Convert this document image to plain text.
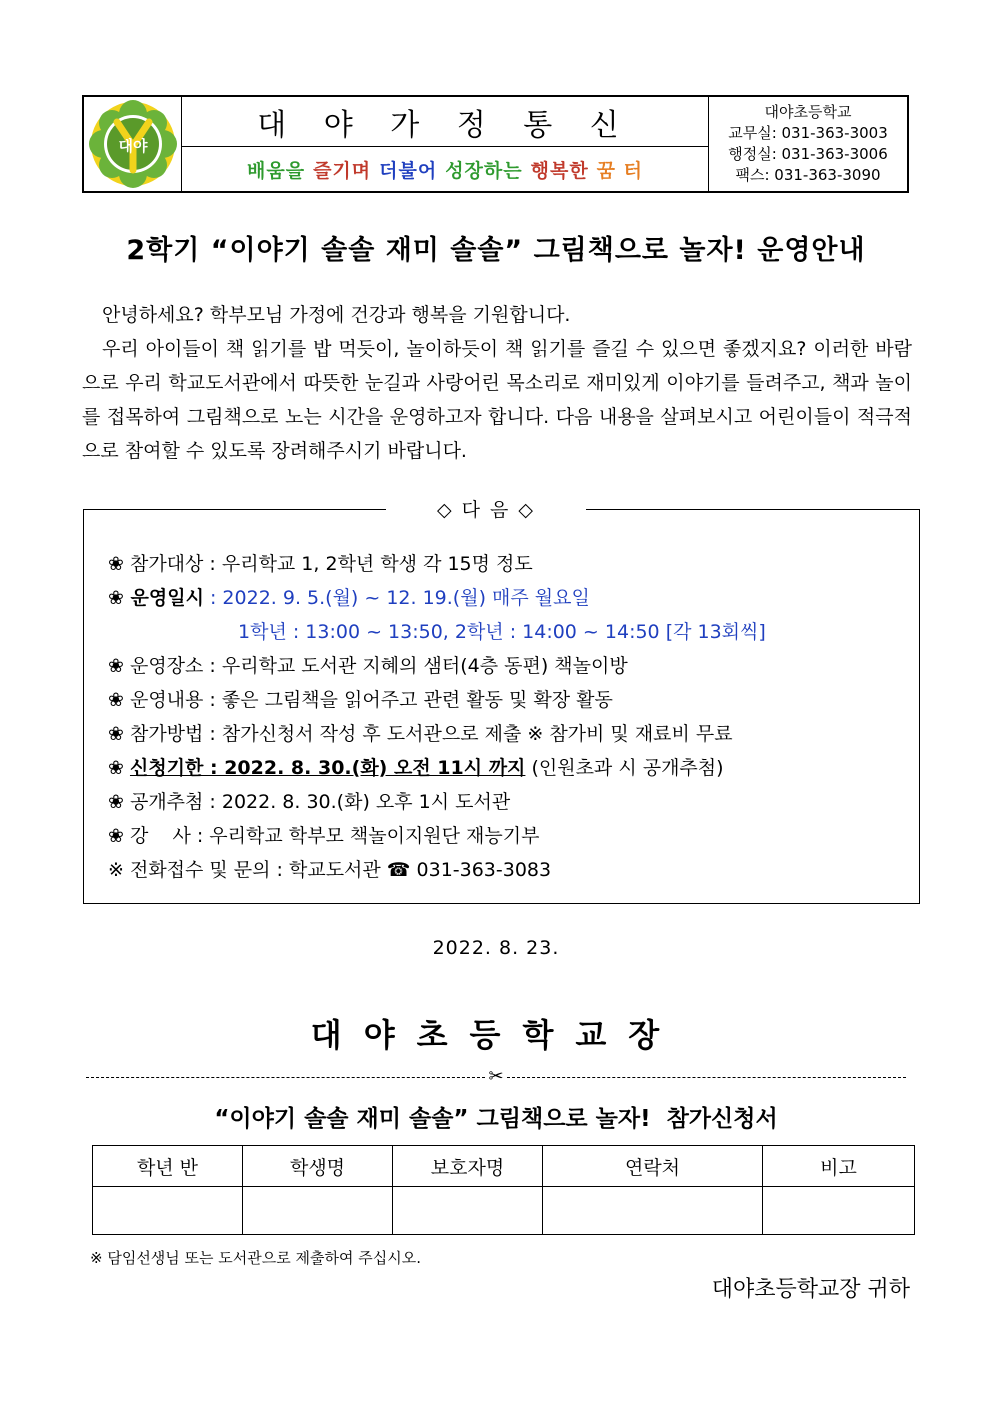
대야
대 야 가 정 통 신
배움을 즐기며 더불어 성장하는 행복한 꿈 터
대야초등학교
교무실: 031-363-3003
행정실: 031-363-3006
팩스: 031-363-3090
2학기 “이야기 솔솔 재미 솔솔” 그림책으로 놀자! 운영안내

안녕하세요? 학부모님 가정에 건강과 행복을 기원합니다.

우리 아이들이 책 읽기를 밥 먹듯이, 놀이하듯이 책 읽기를 즐길 수 있으면 좋겠지요? 이러한 바람으로 우리 학교도서관에서 따뜻한 눈길과 사랑어린 목소리로 재미있게 이야기를 들려주고, 책과 놀이를 접목하여 그림책으로 노는 시간을 운영하고자 합니다. 다음 내용을 살펴보시고 어린이들이 적극적으로 참여할 수 있도록 장려해주시기 바랍니다.

◇ 다 음 ◇
❀ 참가대상 : 우리학교 1, 2학년 학생 각 15명 정도
❀ 운영일시 : 2022. 9. 5.(월) ~ 12. 19.(월) 매주 월요일
1학년 : 13:00 ~ 13:50, 2학년 : 14:00 ~ 14:50 [각 13회씩]
❀ 운영장소 : 우리학교 도서관 지혜의 샘터(4층 동편) 책놀이방
❀ 운영내용 : 좋은 그림책을 읽어주고 관련 활동 및 확장 활동
❀ 참가방법 : 참가신청서 작성 후 도서관으로 제출 ※ 참가비 및 재료비 무료
❀ 신청기한 : 2022. 8. 30.(화) 오전 11시 까지 (인원초과 시 공개추첨)
❀ 공개추첨 : 2022. 8. 30.(화) 오후 1시 도서관
❀ 강    사 : 우리학교 학부모 책놀이지원단 재능기부
※ 전화접수 및 문의 : 학교도서관 ☎ 031-363-3083
2022. 8. 23.
대야초등학교장
✂
“이야기 솔솔 재미 솔솔” 그림책으로 놀자!  참가신청서
학년 반	학생명	보호자명	연락처	비고

※ 담임선생님 또는 도서관으로 제출하여 주십시오.
대야초등학교장 귀하
